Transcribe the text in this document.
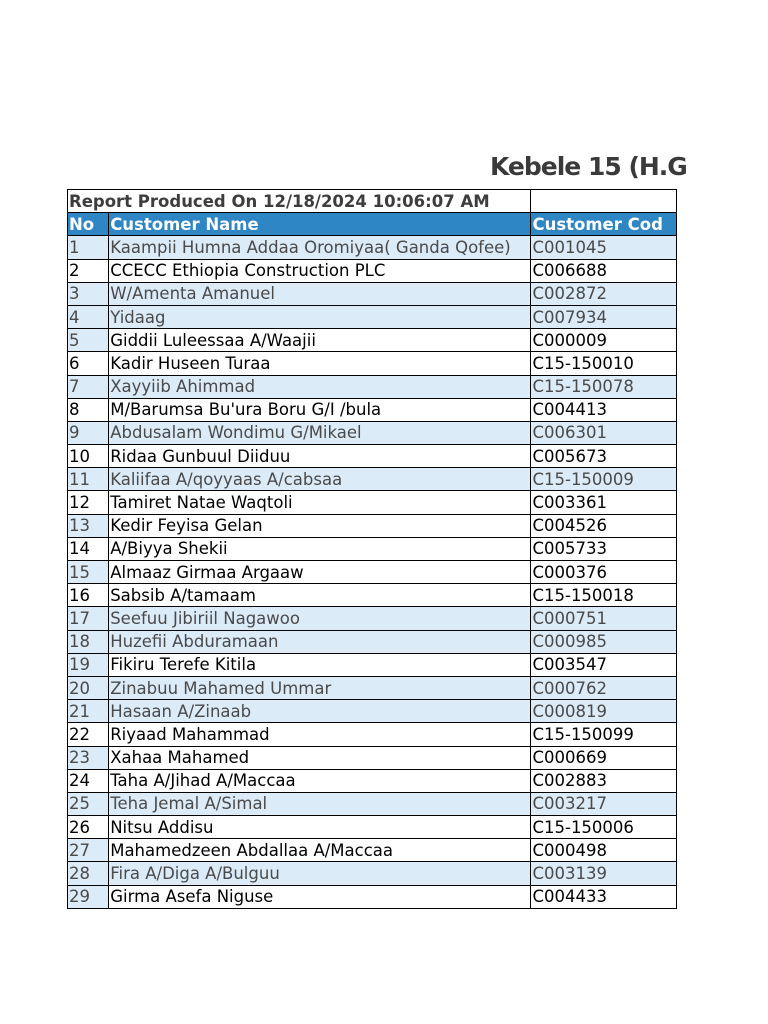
Kebele 15 (H.G
Report Produced On 12/18/2024 10:06:07 AM		
No	Customer Name	Customer Cod
1	Kaampii Humna Addaa Oromiyaa( Ganda Qofee)	C001045
2	CCECC Ethiopia Construction PLC	C006688
3	W/Amenta Amanuel	C002872
4	Yidaag	C007934
5	Giddii Luleessaa A/Waajii	C000009
6	Kadir Huseen Turaa	C15-150010
7	Xayyiib Ahimmad	C15-150078
8	M/Barumsa Bu'ura Boru G/I /bula	C004413
9	Abdusalam Wondimu G/Mikael	C006301
10	Ridaa Gunbuul Diiduu	C005673
11	Kaliifaa A/qoyyaas A/cabsaa	C15-150009
12	Tamiret Natae Waqtoli	C003361
13	Kedir Feyisa Gelan	C004526
14	A/Biyya Shekii	C005733
15	Almaaz Girmaa Argaaw	C000376
16	Sabsib A/tamaam	C15-150018
17	Seefuu Jibiriil Nagawoo	C000751
18	Huzefii Abduramaan	C000985
19	Fikiru Terefe Kitila	C003547
20	Zinabuu Mahamed Ummar	C000762
21	Hasaan A/Zinaab	C000819
22	Riyaad Mahammad	C15-150099
23	Xahaa Mahamed	C000669
24	Taha A/Jihad A/Maccaa	C002883
25	Teha Jemal A/Simal	C003217
26	Nitsu Addisu	C15-150006
27	Mahamedzeen Abdallaa A/Maccaa	C000498
28	Fira A/Diga A/Bulguu	C003139
29	Girma Asefa Niguse	C004433
